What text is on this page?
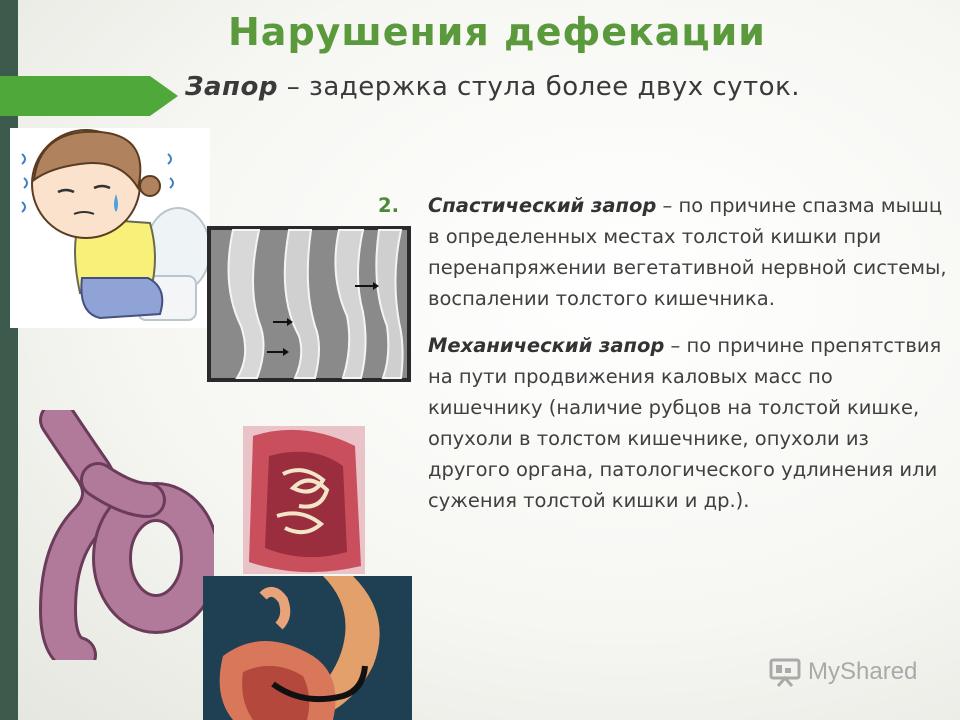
Нарушения дефекации
Запор – задержка стула более двух суток.
2. Спастический запор – по причине спазма мышц в определенных местах толстой кишки при перенапряжении вегетативной нервной системы, воспалении толстого кишечника.
Механический запор – по причине препятствия на пути продвижения каловых масс по кишечнику (наличие рубцов на толстой кишке, опухоли в толстом кишечнике, опухоли из другого органа, патологического удлинения или сужения толстой кишки и др.).
MyShared
